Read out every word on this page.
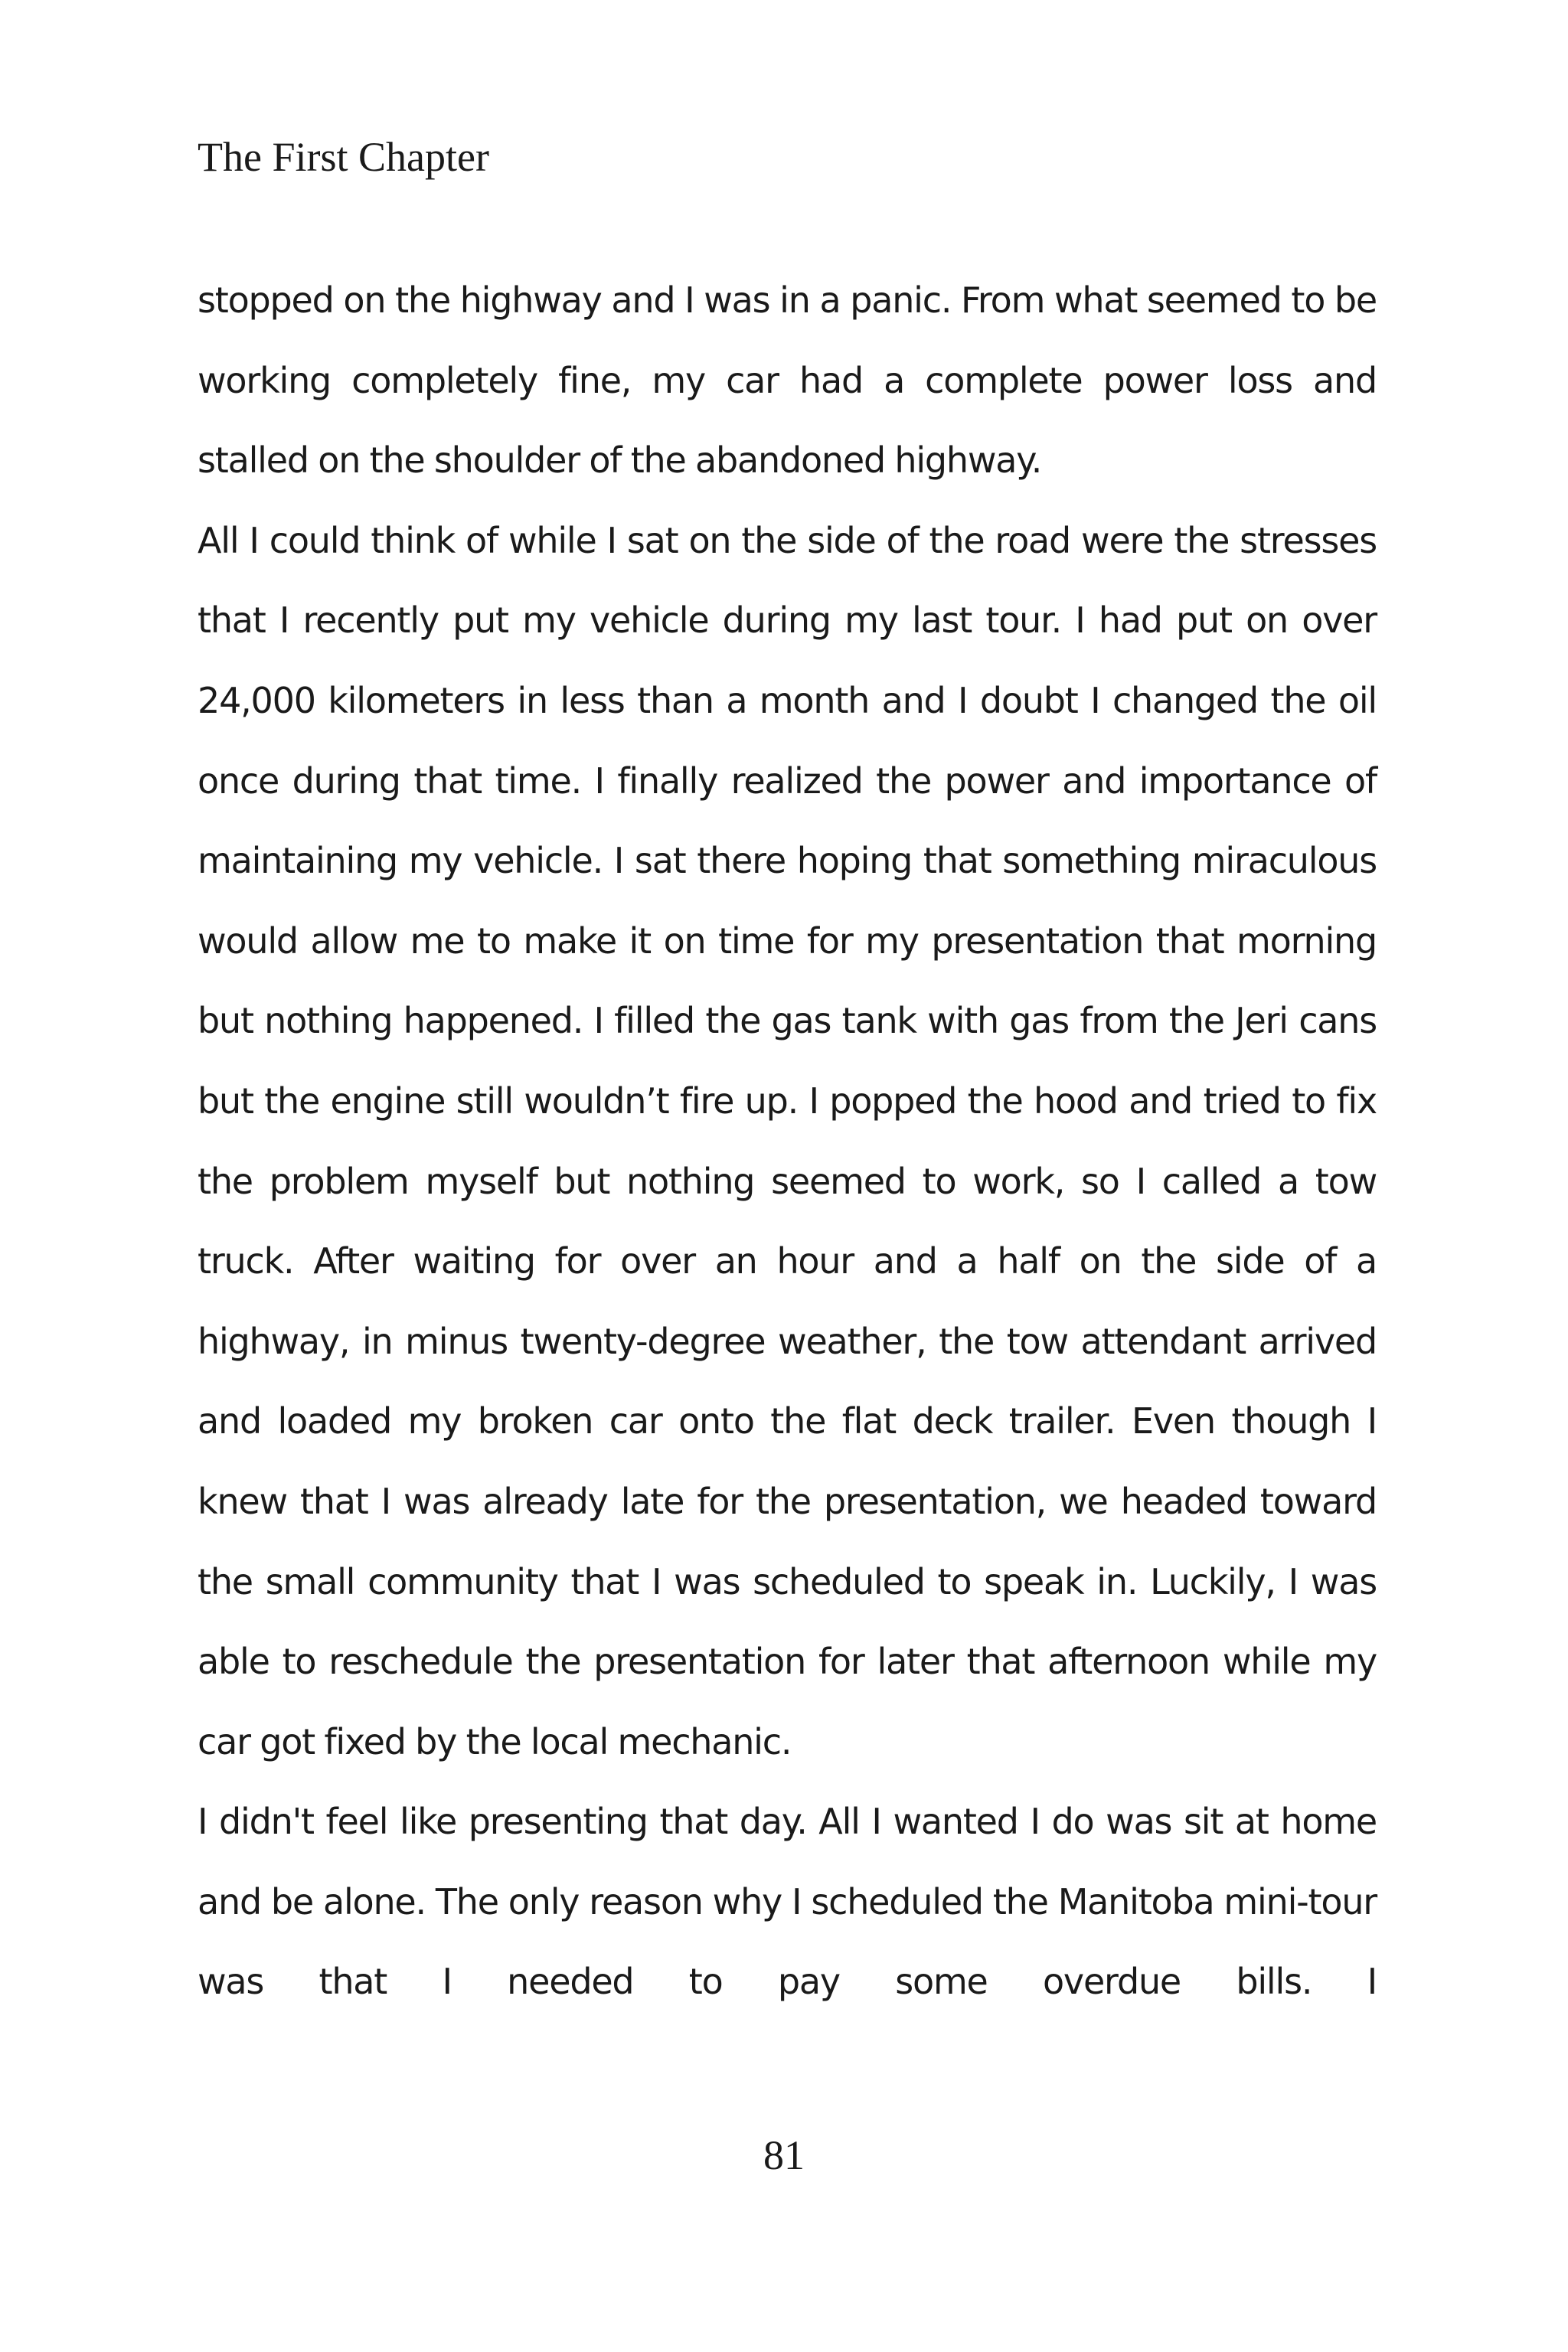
The First Chapter

stopped on the highway and I was in a panic. From what seemed to be working completely fine, my car had a complete power loss and stalled on the shoulder of the abandoned highway.

All I could think of while I sat on the side of the road were the stresses that I recently put my vehicle during my last tour. I had put on over 24,000 kilometers in less than a month and I doubt I changed the oil once during that time. I finally realized the power and importance of maintaining my vehicle. I sat there hoping that something miraculous would allow me to make it on time for my presentation that morning but nothing happened. I filled the gas tank with gas from the Jeri cans but the engine still wouldn’t fire up. I popped the hood and tried to fix the problem myself but nothing seemed to work, so I called a tow truck. After waiting for over an hour and a half on the side of a highway, in minus twenty-degree weather, the tow attendant arrived and loaded my broken car onto the flat deck trailer. Even though I knew that I was already late for the presentation, we headed toward the small community that I was scheduled to speak in. Luckily, I was able to reschedule the presentation for later that afternoon while my car got fixed by the local mechanic.

I didn't feel like presenting that day. All I wanted I do was sit at home and be alone. The only reason why I scheduled the Manitoba mini-tour was that I needed to pay some overdue bills. I

81
